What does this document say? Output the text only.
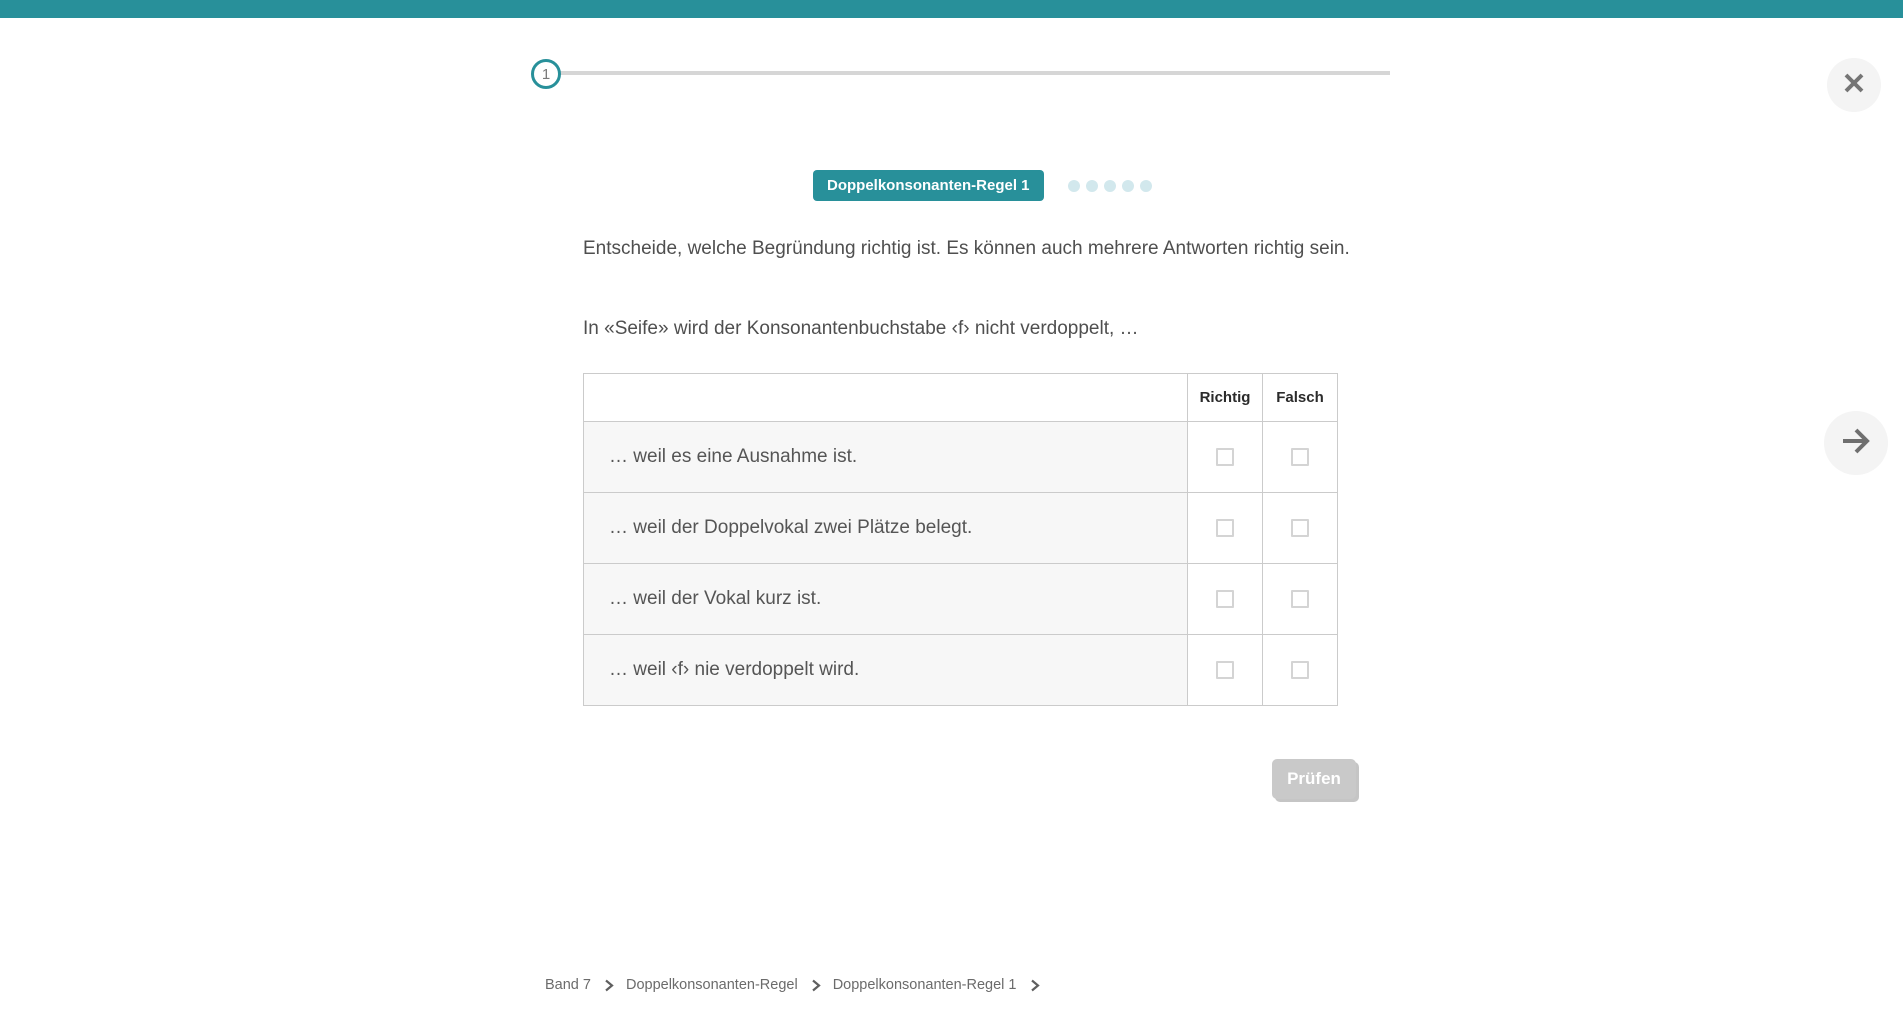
1
Doppelkonsonanten-Regel 1
Entscheide, welche Begründung richtig ist. Es können auch mehrere Antworten richtig sein.
In «Seife» wird der Konsonantenbuchstabe ‹f› nicht verdoppelt, …
	Richtig	Falsch
… weil es eine Ausnahme ist.		
… weil der Doppelvokal zwei Plätze belegt.		
… weil der Vokal kurz ist.		
… weil ‹f› nie verdoppelt wird.		
Prüfen
Band 7 Doppelkonsonanten-Regel Doppelkonsonanten-Regel 1
